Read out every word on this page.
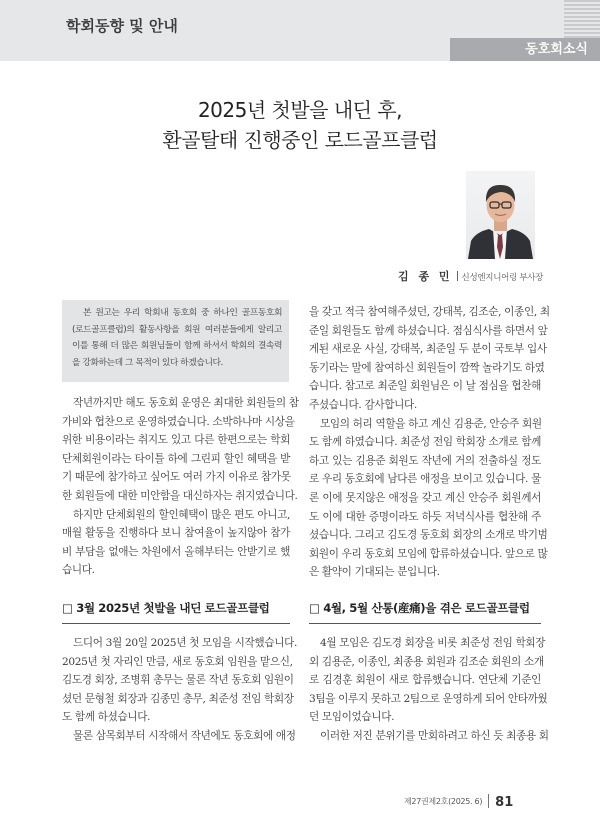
학회동향 및 안내
동호회소식
2025년 첫발을 내딘 후,
환골탈태 진행중인 로드골프클럽
김 종 민 신성엔지니어링 부사장
본 원고는 우리 학회내 동호회 중 하나인 골프동호회
(로드골프클럽)의 활동사항을 회원 여러분들에게 알리고
이를 통해 더 많은 회원님들이 함께 하셔서 학회의 결속력
을 강화하는데 그 목적이 있다 하겠습니다.
작년까지만 해도 동호회 운영은 최대한 회원들의 참
가비와 협찬으로 운영하였습니다. 소박하나마 시상을
위한 비용이라는 취지도 있고 다른 한편으로는 학회
단체회원이라는 타이틀 하에 그린피 할인 혜택을 받
기 때문에 참가하고 싶어도 여러 가지 이유로 참가못
한 회원들에 대한 미안함을 대신하자는 취지였습니다.
하지만 단체회원의 할인혜택이 많은 편도 아니고,
매월 활동을 진행하다 보니 참여율이 높지않아 참가
비 부담을 없애는 차원에서 올해부터는 안받기로 했
습니다.
을 갖고 적극 참여해주셨던, 강태복, 김조순, 이종인, 최
준일 회원들도 함께 하셨습니다. 점심식사를 하면서 앞
게된 새로운 사실, 강태복, 최준일 두 분이 국토부 입사
동기라는 말에 참여하신 회원들이 깜짝 놀라기도 하였
습니다. 참고로 최준일 회원님은 이 날 점심을 협찬해
주셨습니다. 감사합니다.
모임의 허리 역할을 하고 계신 김용준, 안승주 회원
도 함께 하였습니다. 최준성 전임 학회장 소개로 함께
하고 있는 김용준 회원도 작년에 거의 전출하실 정도
로 우리 동호회에 남다른 애정을 보이고 있습니다. 물
론 이에 못지않은 애정을 갖고 계신 안승주 회원께서
도 이에 대한 증명이라도 하듯 저녁식사를 협찬해 주
셨습니다. 그리고 김도경 동호회 회장의 소개로 박기범
회원이 우리 동호회 모임에 합류하셨습니다. 앞으로 많
은 활약이 기대되는 분입니다.
□ 3월 2025년 첫발을 내딘 로드골프클럽
드디어 3월 20일 2025년 첫 모임을 시작했습니다.
2025년 첫 자리인 만큼, 새로 동호회 임원을 맡으신,
김도경 회장, 조병휘 총무는 물론 작년 동호회 임원이
셨던 문형철 회장과 김종민 총무, 최준성 전임 학회장
도 함께 하셨습니다.
물론 삼목회부터 시작해서 작년에도 동호회에 애정
□ 4월, 5월 산통(産痛)을 겪은 로드골프클럽
4월 모임은 김도경 회장을 비롯 최준성 전임 학회장
외 김용준, 이종인, 최종용 회원과 김조순 회원의 소개
로 김경훈 회원이 새로 합류했습니다. 연단체 기준인
3팀을 이루지 못하고 2팀으로 운영하게 되어 안타까웠
던 모임이었습니다.
이러한 저진 분위기를 만회하려고 하신 듯 최종용 회
제27권제2호(2025. 6) 81
